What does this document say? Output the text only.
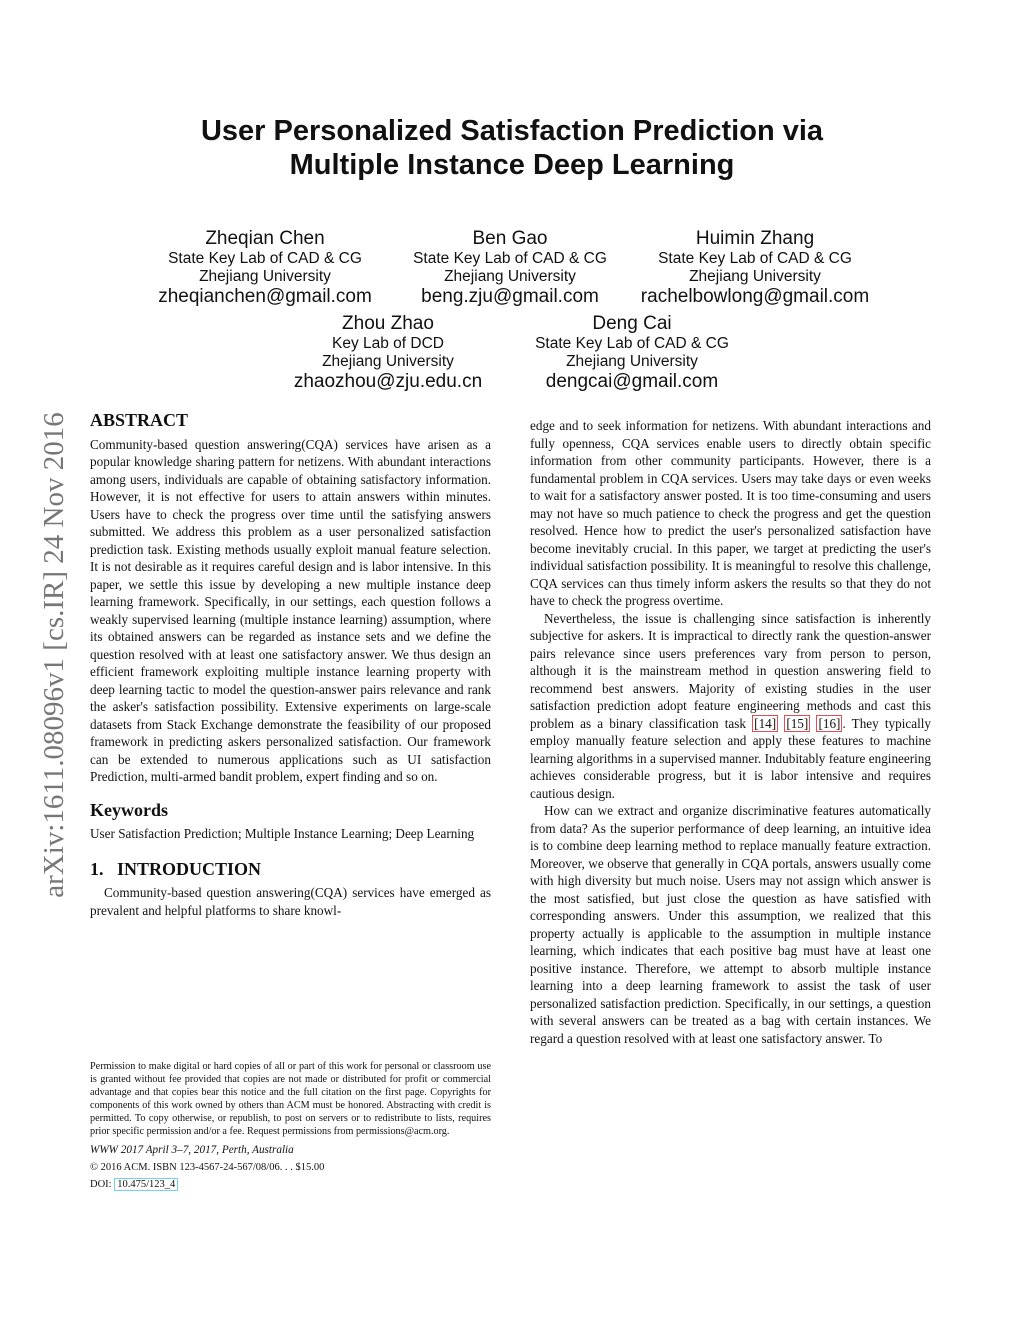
User Personalized Satisfaction Prediction via
Multiple Instance Deep Learning
Zheqian Chen
State Key Lab of CAD & CG
Zhejiang University
zheqianchen@gmail.com
Ben Gao
State Key Lab of CAD & CG
Zhejiang University
beng.zju@gmail.com
Huimin Zhang
State Key Lab of CAD & CG
Zhejiang University
rachelbowlong@gmail.com
Zhou Zhao
Key Lab of DCD
Zhejiang University
zhaozhou@zju.edu.cn
Deng Cai
State Key Lab of CAD & CG
Zhejiang University
dengcai@gmail.com
arXiv:1611.08096v1 [cs.IR] 24 Nov 2016 ABSTRACT

Community-based question answering(CQA) services have arisen as a popular knowledge sharing pattern for netizens. With abundant interactions among users, individuals are capable of obtaining satisfactory information. However, it is not effective for users to attain answers within minutes. Users have to check the progress over time until the satisfying answers submitted. We address this problem as a user personalized satisfaction prediction task. Existing methods usually exploit manual feature selection. It is not desirable as it requires careful design and is labor intensive. In this paper, we settle this issue by developing a new multiple instance deep learning framework. Specifically, in our settings, each question follows a weakly supervised learning (multiple instance learning) assumption, where its obtained answers can be regarded as instance sets and we define the question resolved with at least one satisfactory answer. We thus design an efficient framework exploiting multiple instance learning property with deep learning tactic to model the question-answer pairs relevance and rank the asker's satisfaction possibility. Extensive experiments on large-scale datasets from Stack Exchange demonstrate the feasibility of our proposed framework in predicting askers personalized satisfaction. Our framework can be extended to numerous applications such as UI satisfaction Prediction, multi-armed bandit problem, expert finding and so on.

Keywords

User Satisfaction Prediction; Multiple Instance Learning; Deep Learning

1.   INTRODUCTION

Community-based question answering(CQA) services have emerged as prevalent and helpful platforms to share knowl-

Permission to make digital or hard copies of all or part of this work for personal or classroom use is granted without fee provided that copies are not made or distributed for profit or commercial advantage and that copies bear this notice and the full citation on the first page. Copyrights for components of this work owned by others than ACM must be honored. Abstracting with credit is permitted. To copy otherwise, or republish, to post on servers or to redistribute to lists, requires prior specific permission and/or a fee. Request permissions from permissions@acm.org.

WWW 2017 April 3–7, 2017, Perth, Australia
© 2016 ACM. ISBN 123-4567-24-567/08/06. . . $15.00
DOI: 10.475/123_4

edge and to seek information for netizens. With abundant interactions and fully openness, CQA services enable users to directly obtain specific information from other community participants. However, there is a fundamental problem in CQA services. Users may take days or even weeks to wait for a satisfactory answer posted. It is too time-consuming and users may not have so much patience to check the progress and get the question resolved. Hence how to predict the user's personalized satisfaction have become inevitably crucial. In this paper, we target at predicting the user's individual satisfaction possibility. It is meaningful to resolve this challenge, CQA services can thus timely inform askers the results so that they do not have to check the progress overtime.

Nevertheless, the issue is challenging since satisfaction is inherently subjective for askers. It is impractical to directly rank the question-answer pairs relevance since users preferences vary from person to person, although it is the mainstream method in question answering field to recommend best answers. Majority of existing studies in the user satisfaction prediction adopt feature engineering methods and cast this problem as a binary classification task [14] [15] [16] . They typically employ manually feature selection and apply these features to machine learning algorithms in a supervised manner. Indubitably feature engineering achieves considerable progress, but it is labor intensive and requires cautious design.

How can we extract and organize discriminative features automatically from data? As the superior performance of deep learning, an intuitive idea is to combine deep learning method to replace manually feature extraction. Moreover, we observe that generally in CQA portals, answers usually come with high diversity but much noise. Users may not assign which answer is the most satisfied, but just close the question as have satisfied with corresponding answers. Under this assumption, we realized that this property actually is applicable to the assumption in multiple instance learning, which indicates that each positive bag must have at least one positive instance. Therefore, we attempt to absorb multiple instance learning into a deep learning framework to assist the task of user personalized satisfaction prediction. Specifically, in our settings, a question with several answers can be treated as a bag with certain instances. We regard a question resolved with at least one satisfactory answer. To
